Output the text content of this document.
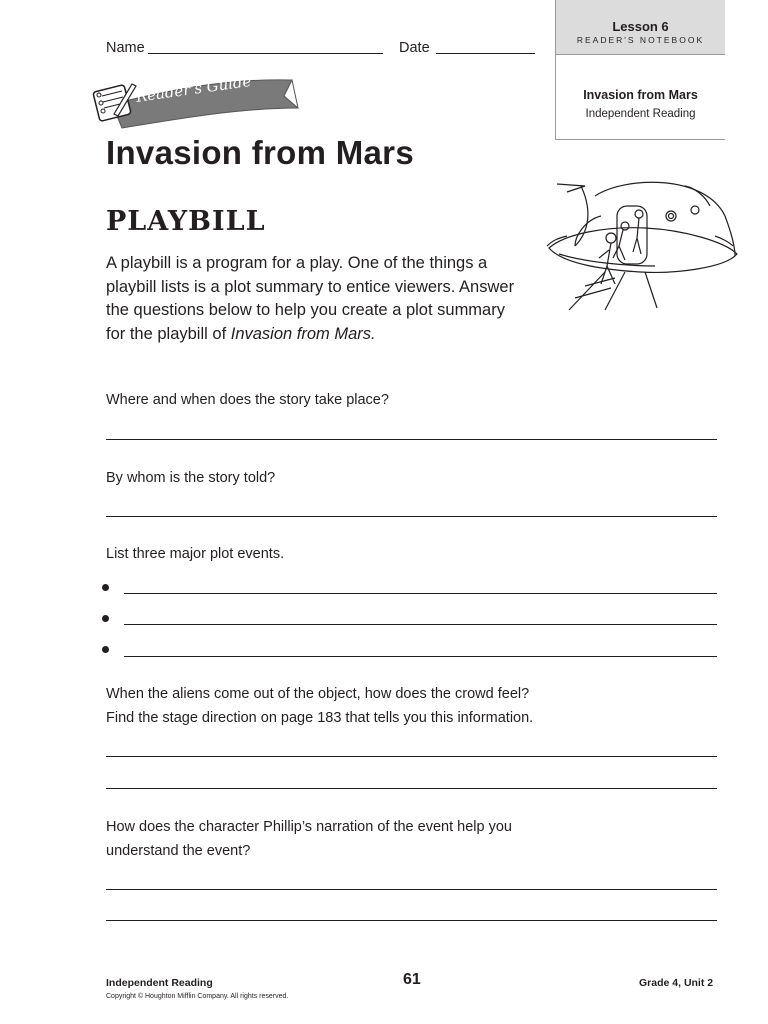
Name	Date
Lesson 6
READER'S NOTEBOOK
Invasion from Mars
Independent Reading
Reader's Guide
Invasion from Mars
PLAYBILL
A playbill is a program for a play. One of the things a
playbill lists is a plot summary to entice viewers. Answer
the questions below to help you create a plot summary
for the playbill of Invasion from Mars.
Where and when does the story take place?
By whom is the story told?
List three major plot events.
When the aliens come out of the object, how does the crowd feel?
Find the stage direction on page 183 that tells you this information.
How does the character Phillip’s narration of the event help you
understand the event?
Independent Reading	61	Grade 4, Unit 2
Copyright © Houghton Mifflin Company. All rights reserved.
